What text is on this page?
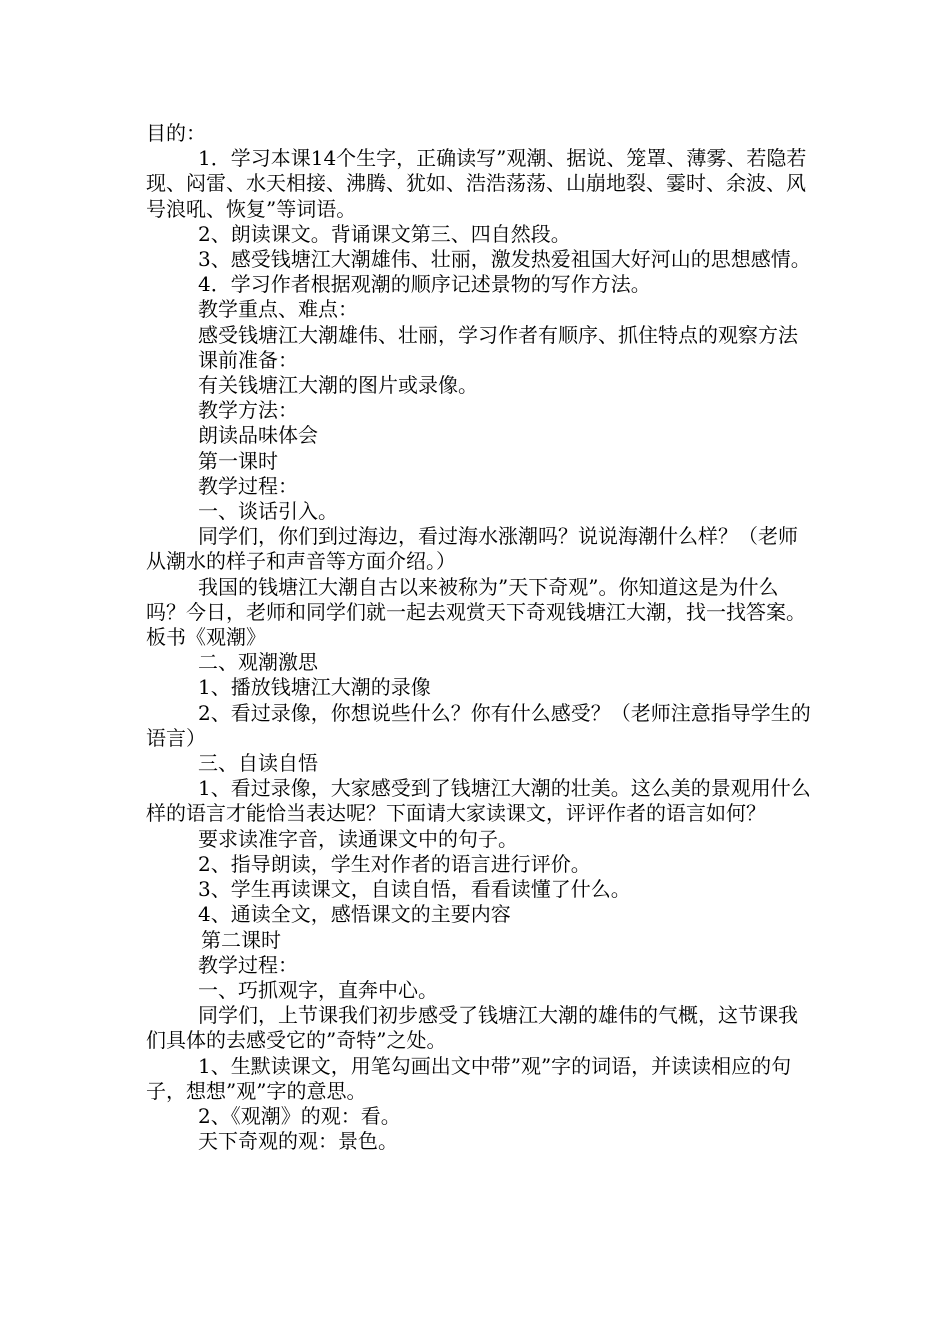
目的：

1．学习本课14个生字，正确读写”观潮、据说、笼罩、薄雾、若隐若现、闷雷、水天相接、沸腾、犹如、浩浩荡荡、山崩地裂、霎时、余波、风号浪吼、恢复”等词语。

2、朗读课文。背诵课文第三、四自然段。

3、感受钱塘江大潮雄伟、壮丽，激发热爱祖国大好河山的思想感情。

4．学习作者根据观潮的顺序记述景物的写作方法。

教学重点、难点：

感受钱塘江大潮雄伟、壮丽，学习作者有顺序、抓住特点的观察方法

课前准备：

有关钱塘江大潮的图片或录像。

教学方法：

朗读品味体会

第一课时

教学过程：

一、谈话引入。

同学们，你们到过海边，看过海水涨潮吗？说说海潮什么样？（老师从潮水的样子和声音等方面介绍。）

我国的钱塘江大潮自古以来被称为”天下奇观”。你知道这是为什么吗？今日，老师和同学们就一起去观赏天下奇观钱塘江大潮，找一找答案。板书《观潮》

二、观潮激思

1、播放钱塘江大潮的录像

2、看过录像，你想说些什么？你有什么感受？（老师注意指导学生的语言）

三、自读自悟

1、看过录像，大家感受到了钱塘江大潮的壮美。这么美的景观用什么样的语言才能恰当表达呢？下面请大家读课文，评评作者的语言如何？

要求读准字音，读通课文中的句子。

2、指导朗读，学生对作者的语言进行评价。

3、学生再读课文，自读自悟，看看读懂了什么。

4、通读全文，感悟课文的主要内容

第二课时

教学过程：

一、巧抓观字，直奔中心。

同学们，上节课我们初步感受了钱塘江大潮的雄伟的气概，这节课我们具体的去感受它的”奇特”之处。

1、生默读课文，用笔勾画出文中带”观”字的词语，并读读相应的句子，想想”观”字的意思。

2、《观潮》的观：看。

天下奇观的观：景色。
